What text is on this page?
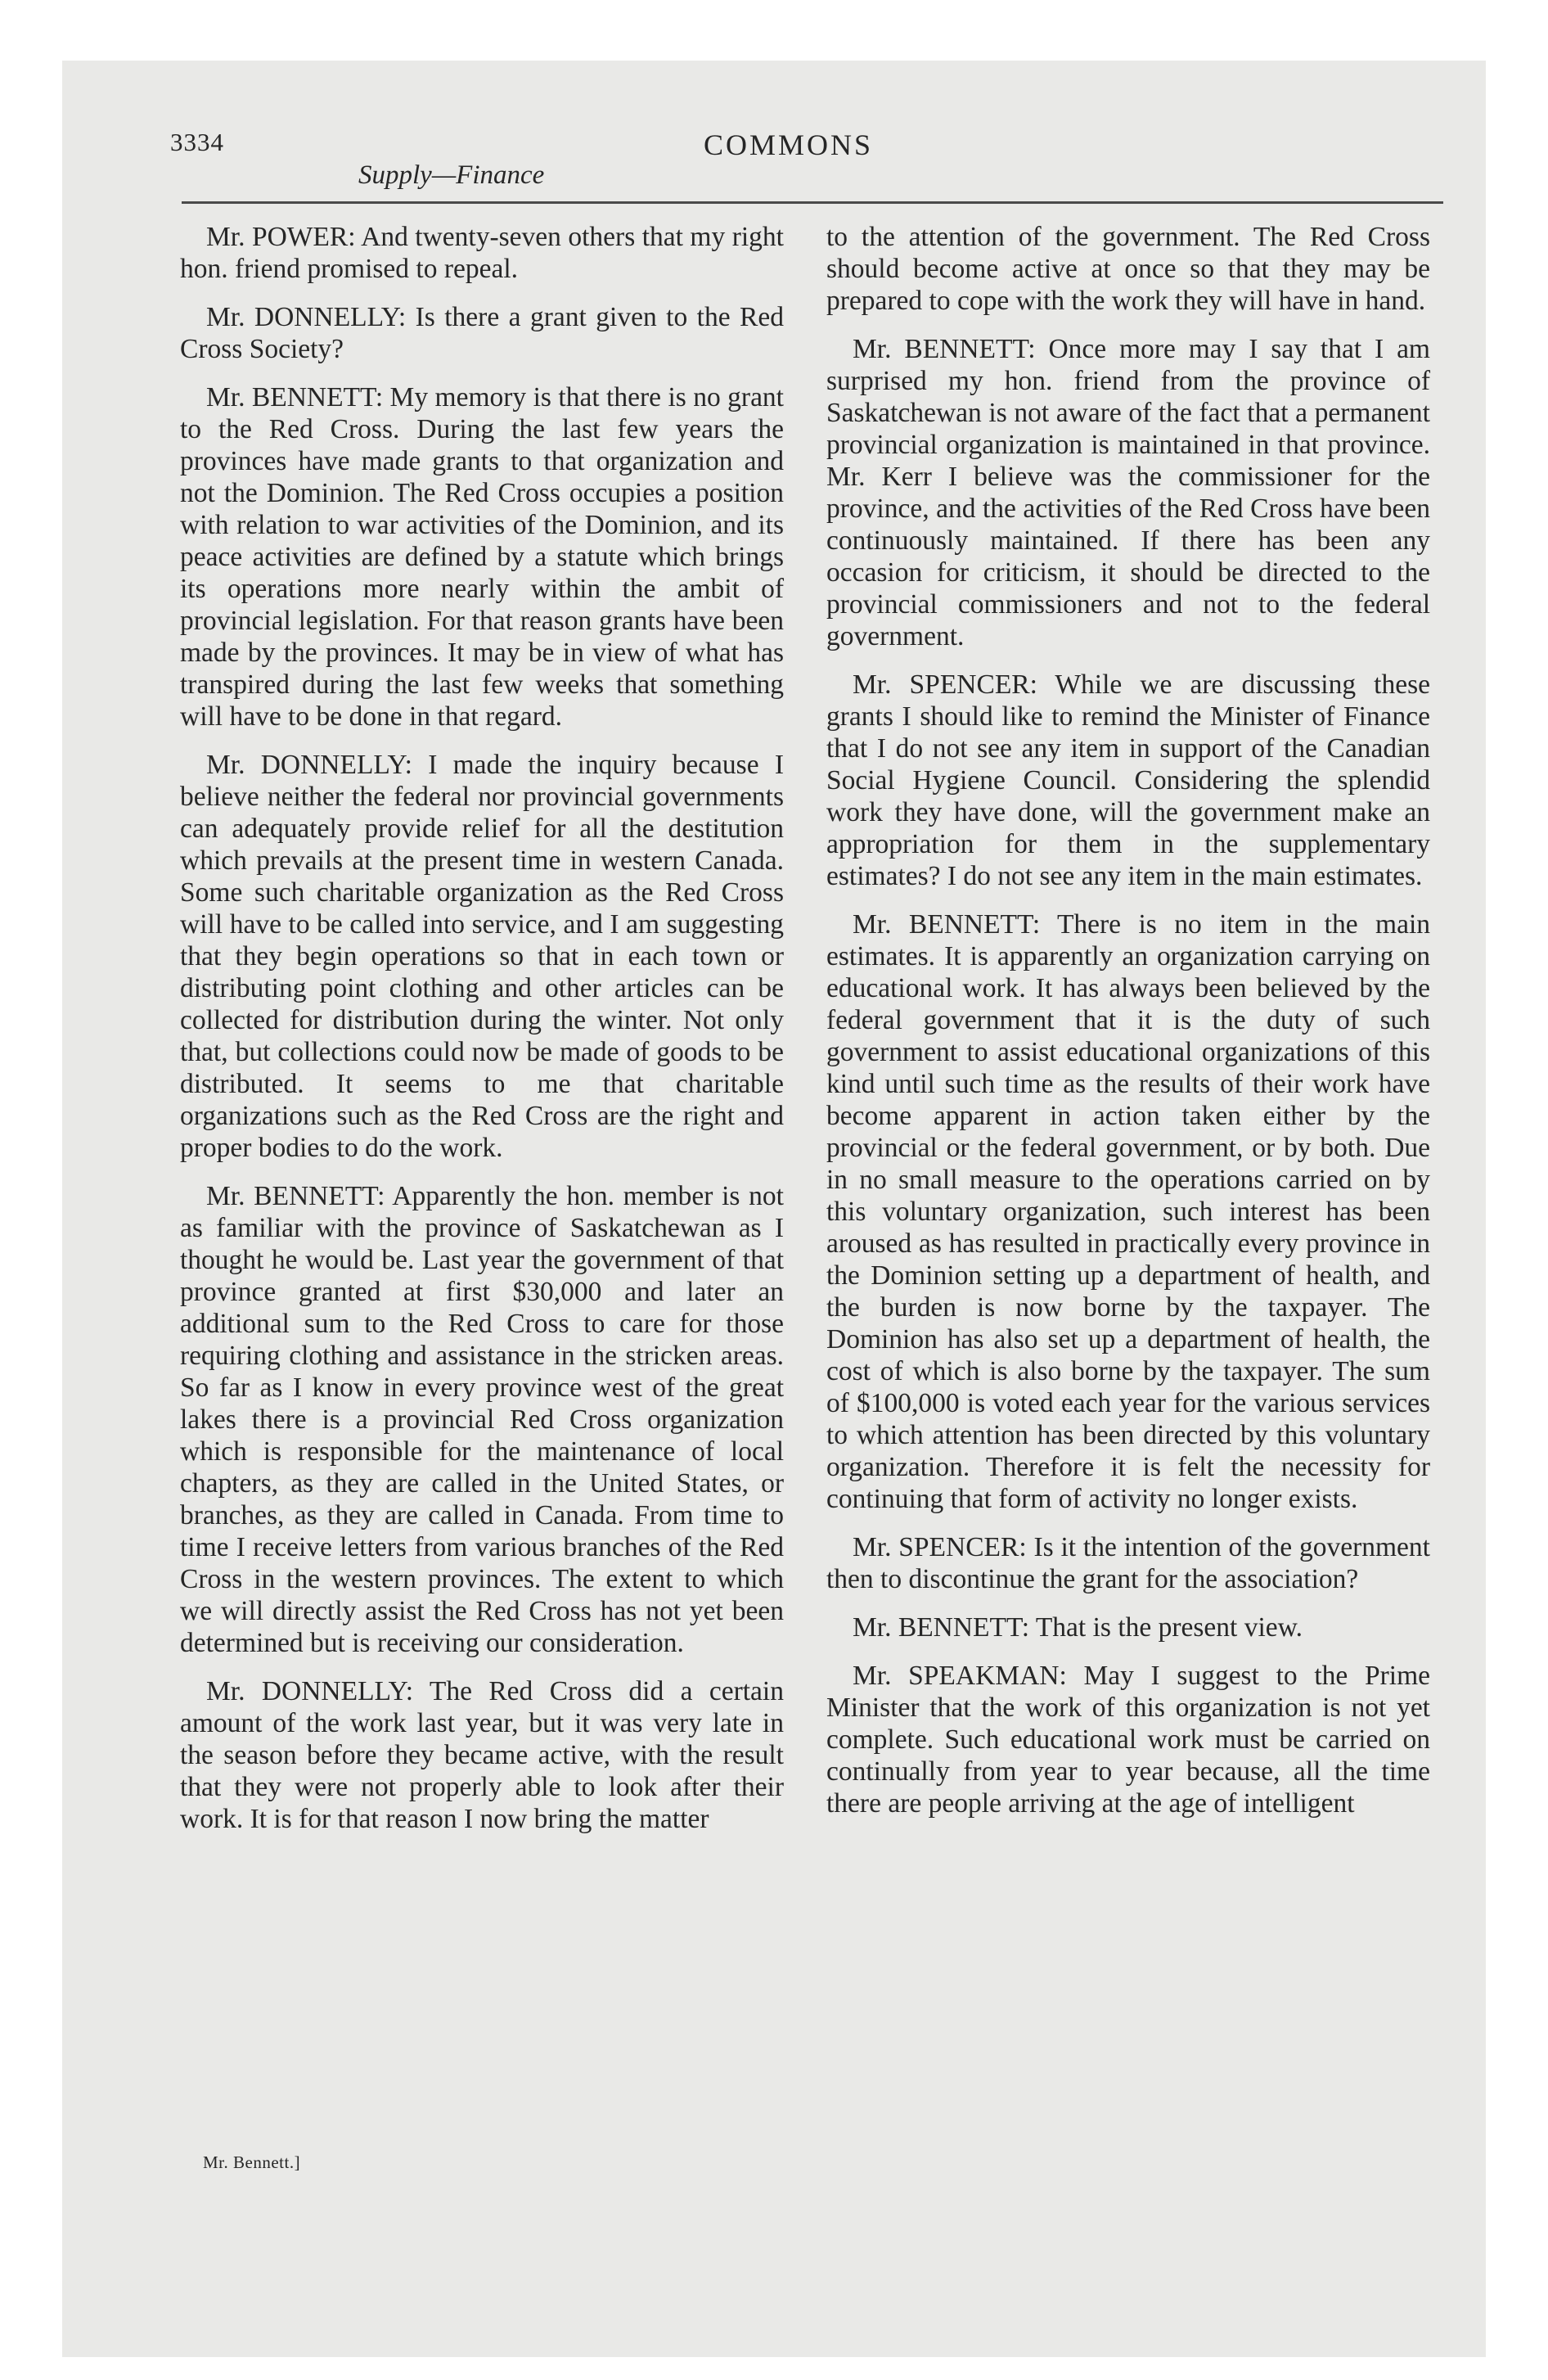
3334	COMMONS
Supply—Finance

Mr. POWER: And twenty-seven others that my right hon. friend promised to repeal.

Mr. DONNELLY: Is there a grant given to the Red Cross Society?

Mr. BENNETT: My memory is that there is no grant to the Red Cross. During the last few years the provinces have made grants to that organization and not the Dominion. The Red Cross occupies a position with relation to war activities of the Dominion, and its peace activities are defined by a statute which brings its operations more nearly within the ambit of provincial legislation. For that reason grants have been made by the provinces. It may be in view of what has transpired during the last few weeks that something will have to be done in that regard.

Mr. DONNELLY: I made the inquiry because I believe neither the federal nor provincial governments can adequately provide relief for all the destitution which prevails at the present time in western Canada. Some such charitable organization as the Red Cross will have to be called into service, and I am suggesting that they begin operations so that in each town or distributing point clothing and other articles can be collected for distribution during the winter. Not only that, but collections could now be made of goods to be distributed. It seems to me that charitable organizations such as the Red Cross are the right and proper bodies to do the work.

Mr. BENNETT: Apparently the hon. member is not as familiar with the province of Saskatchewan as I thought he would be. Last year the government of that province granted at first $30,000 and later an additional sum to the Red Cross to care for those requiring clothing and assistance in the stricken areas. So far as I know in every province west of the great lakes there is a provincial Red Cross organization which is responsible for the maintenance of local chapters, as they are called in the United States, or branches, as they are called in Canada. From time to time I receive letters from various branches of the Red Cross in the western provinces. The extent to which we will directly assist the Red Cross has not yet been determined but is receiving our consideration.

Mr. DONNELLY: The Red Cross did a certain amount of the work last year, but it was very late in the season before they became active, with the result that they were not properly able to look after their work. It is for that reason I now bring the matter

to the attention of the government. The Red Cross should become active at once so that they may be prepared to cope with the work they will have in hand.

Mr. BENNETT: Once more may I say that I am surprised my hon. friend from the province of Saskatchewan is not aware of the fact that a permanent provincial organization is maintained in that province. Mr. Kerr I believe was the commissioner for the province, and the activities of the Red Cross have been continuously maintained. If there has been any occasion for criticism, it should be directed to the provincial commissioners and not to the federal government.

Mr. SPENCER: While we are discussing these grants I should like to remind the Minister of Finance that I do not see any item in support of the Canadian Social Hygiene Council. Considering the splendid work they have done, will the government make an appropriation for them in the supplementary estimates? I do not see any item in the main estimates.

Mr. BENNETT: There is no item in the main estimates. It is apparently an organization carrying on educational work. It has always been believed by the federal government that it is the duty of such government to assist educational organizations of this kind until such time as the results of their work have become apparent in action taken either by the provincial or the federal government, or by both. Due in no small measure to the operations carried on by this voluntary organization, such interest has been aroused as has resulted in practically every province in the Dominion setting up a department of health, and the burden is now borne by the taxpayer. The Dominion has also set up a department of health, the cost of which is also borne by the taxpayer. The sum of $100,000 is voted each year for the various services to which attention has been directed by this voluntary organization. Therefore it is felt the necessity for continuing that form of activity no longer exists.

Mr. SPENCER: Is it the intention of the government then to discontinue the grant for the association?

Mr. BENNETT: That is the present view.

Mr. SPEAKMAN: May I suggest to the Prime Minister that the work of this organization is not yet complete. Such educational work must be carried on continually from year to year because, all the time there are people arriving at the age of intelligent

Mr. Bennett.]
